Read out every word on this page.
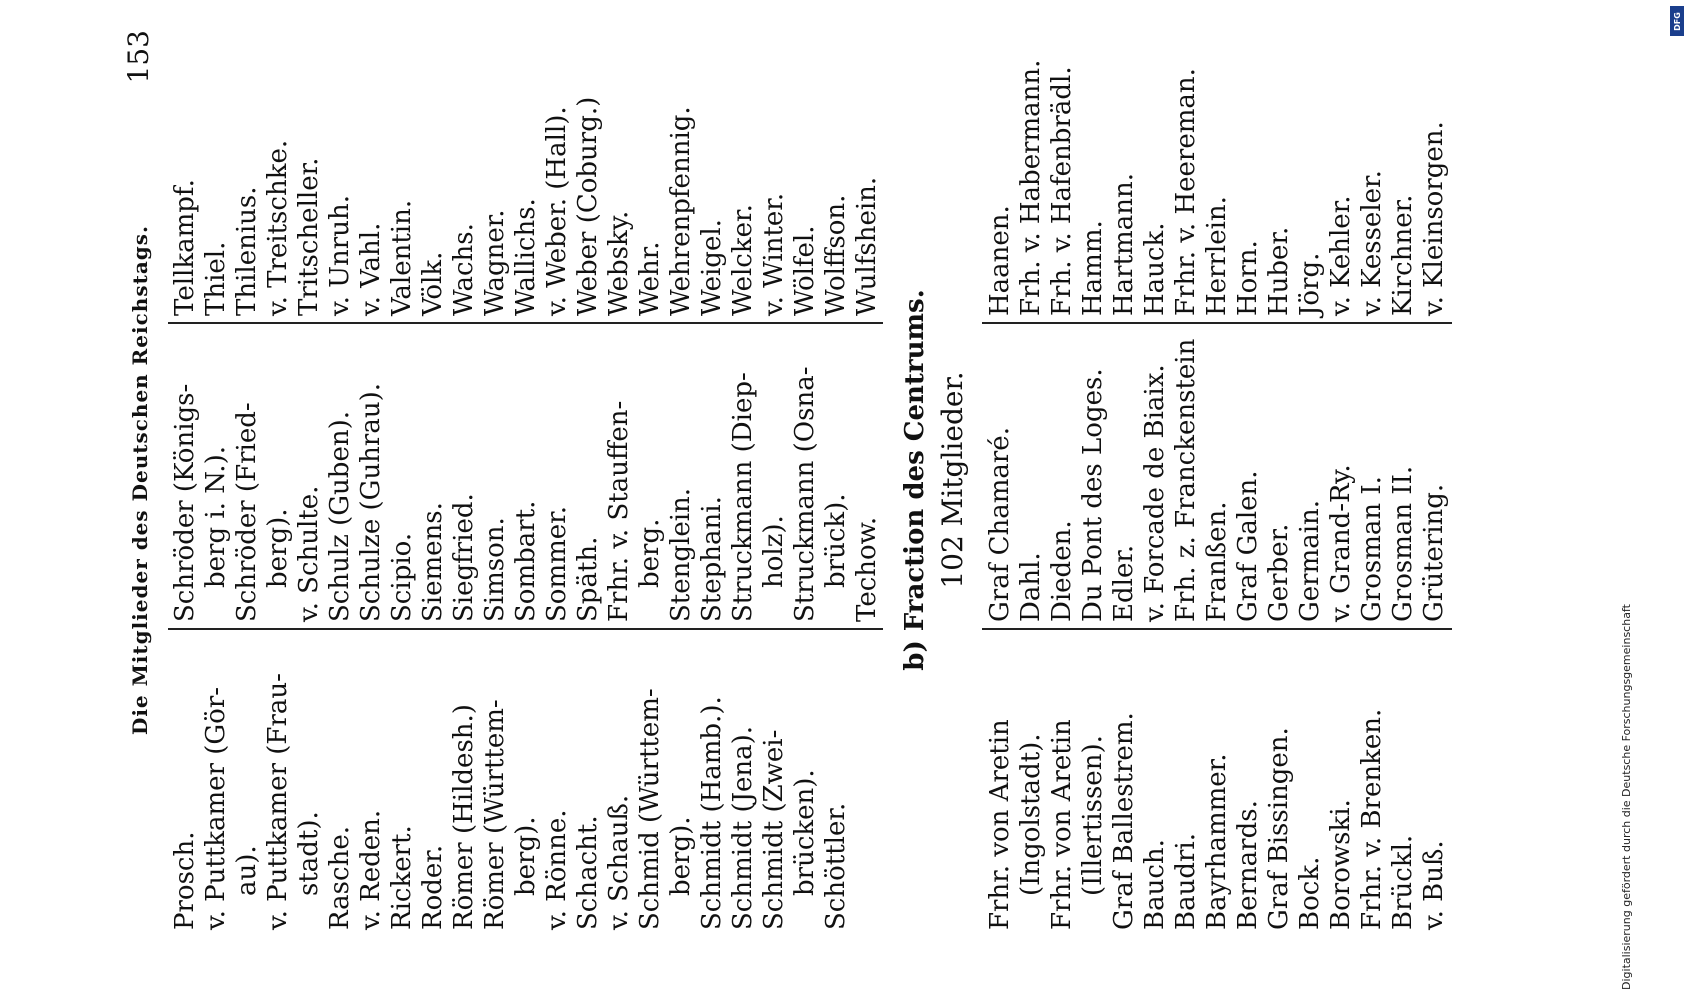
Die Mitglieder des Deutschen Reichstags.
153
Prosch. v. Puttkamer (Gör- au). v. Puttkamer (Frau- stadt). Rasche. v. Reden. Rickert. Roder. Römer (Hildesh.) Römer (Württem- berg). v. Rönne. Schacht. v. Schauß. Schmid (Württem- berg). Schmidt (Hamb.). Schmidt (Jena). Schmidt (Zwei- brücken). Schöttler.
Schröder (Königs- berg i. N.). Schröder (Fried- berg). v. Schulte. Schulz (Guben). Schulze (Guhrau). Scipio. Siemens. Siegfried. Simson. Sombart. Sommer. Späth. Frhr. v. Stauffen- berg. Stenglein. Stephani. Struckmann (Diep- holz). Struckmann (Osna- brück). Techow.
Tellkampf. Thiel. Thilenius. v. Treitschke. Tritscheller. v. Unruh. v. Vahl. Valentin. Völk. Wachs. Wagner. Wallichs. v. Weber. (Hall). Weber (Coburg.) Websky. Wehr. Wehrenpfennig. Weigel. Welcker. v. Winter. Wölfel. Wolffson. Wulfshein.
b) Fraction des Centrums. 102 Mitglieder.
Frhr. von Aretin (Ingolstadt). Frhr. von Aretin (Illertissen). Graf Ballestrem. Bauch. Baudri. Bayrhammer. Bernards. Graf Bissingen. Bock. Borowski. Frhr. v. Brenken. Brückl. v. Buß.
Graf Chamaré. Dahl. Dieden. Du Pont des Loges. Edler. v. Forcade de Biaix. Frh. z. Franckenstein Franßen. Graf Galen. Gerber. Germain. v. Grand-Ry. Grosman I. Grosman II. Grütering.
Haanen. Frh. v. Habermann. Frh. v. Hafenbrädl. Hamm. Hartmann. Hauck. Frhr. v. Heereman. Herrlein. Horn. Huber. Jörg. v. Kehler. v. Kesseler. Kirchner. v. Kleinsorgen.
Digitalisierung gefördert durch die Deutsche Forschungsgemeinschaft
DFG
